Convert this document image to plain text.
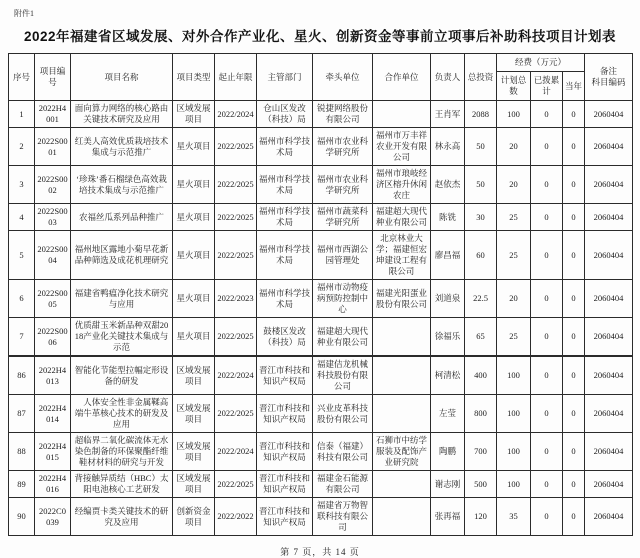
附件1
2022年福建省区域发展、对外合作产业化、星火、创新资金等事前立项事后补助科技项目计划表
序号	项目编号	项目名称	项目类型	起止年限	主管部门	牵头单位	合作单位	负责人	总投资	经费（万元）			备注
科目编码

										计划总数	已拨累计	当年	
1	2022H4001	面向算力网络的核心路由关键技术研究及应用	区域发展项目	2022/2024	仓山区发改（科技）局	锐捷网络股份有限公司		王肖军	2088	100	0	0	2060404
2	2022S0001	红美人高效优质栽培技术集成与示范推广	星火项目	2022/2025	福州市科学技术局	福州市农业科学研究所	福州市万丰祥农业开发有限公司	林永高	50	20	0	0	2060404
3	2022S0002	‘珍珠’番石榴绿色高效栽培技术集成与示范推广	星火项目	2022/2025	福州市科学技术局	福州市农业科学研究所	福州市琅岐经济区榕升休闲农庄	赵依杰	50	20	0	0	2060404
4	2022S0003	农福丝瓜系列品种推广	星火项目	2022/2025	福州市科学技术局	福州市蔬菜科学研究所	福建超大现代种业有限公司	陈铣	30	25	0	0	2060404
5	2022S0004	福州地区露地小菊早花新品种筛选及成花机理研究	星火项目	2022/2025	福州市科学技术局	福州市西湖公园管理处	北京林业大学；福建恒宏坤建设工程有限公司	廖昌福	60	25	0	0	2060404
6	2022S0005	福建省鸭瘟净化技术研究与应用	星火项目	2022/2023	福州市科学技术局	福州市动物疫病预防控制中心	福建光阳蛋业股份有限公司	刘道泉	22.5	20	0	0	2060404
7	2022S0006	优质甜玉米新品种双甜2018产业化关键技术集成与示范	星火项目	2022/2025	鼓楼区发改（科技）局	福建超大现代种业有限公司		徐福乐	65	25	0	0	2060404
86	2022H4013	智能化节能型拉幅定形设备的研发	区域发展项目	2022/2024	晋江市科技和知识产权局	福建佶龙机械科技股份有限公司		柯清松	400	100	0	0	2060404
87	2022H4014	　人体安全性非金属鞣高端牛革核心技术的研发及应用	区域发展项目	2022/2025	晋江市科技和知识产权局	兴业皮革科技股份有限公司		左莹	800	100	0	0	2060404
88	2022H4015	超临界二氧化碳流体无水染色制备的环保聚酯纤维鞋材材料的研究与开发	区域发展项目	2022/2024	晋江市科技和知识产权局	信泰（福建）科技有限公司	石狮市中纺学服装及配饰产业研究院	陶鹏	700	100	0	0	2060404
89	2022H4016	背接触异质结（HBC）太阳电池核心工艺研发	区域发展项目	2022/2025	晋江市科技和知识产权局	福建金石能源有限公司		谢志刚	500	100	0	0	2060404
90	2022C0039	经编贾卡类关键技术的研究及应用	创新资金项目	2022/2022	晋江市科技和知识产权局	福建省万物智联科技有限公司		张再福	120	35	0	0	2060404
第 7 页，共 14 页
